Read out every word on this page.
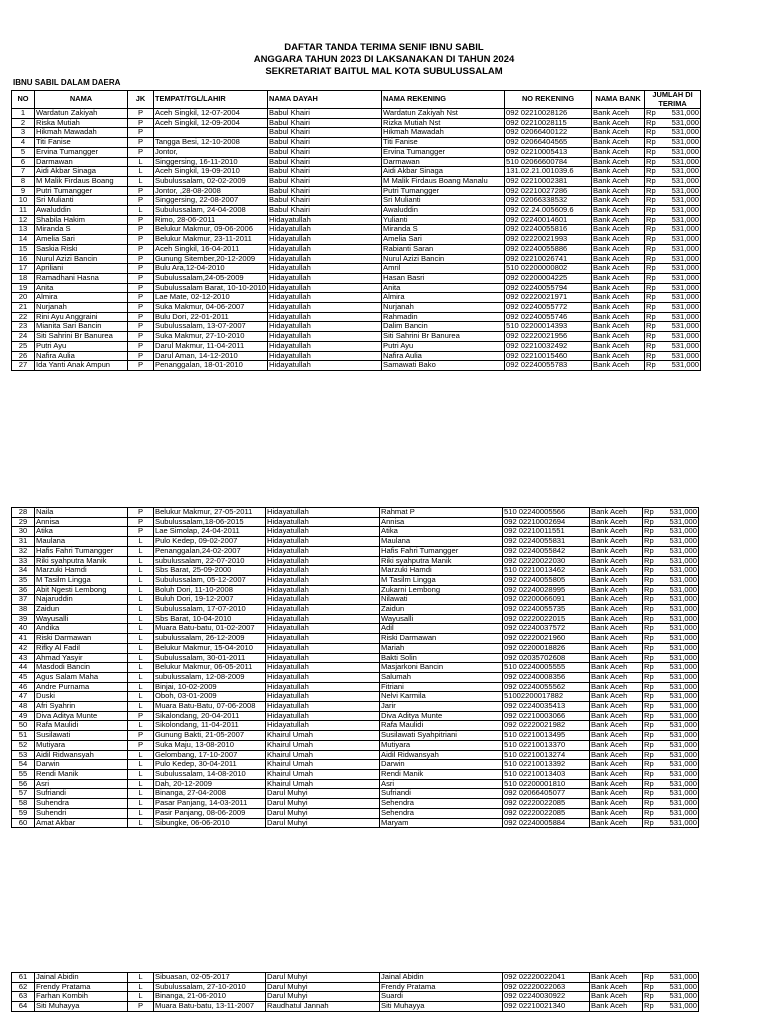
DAFTAR TANDA TERIMA SENIF IBNU SABIL
ANGGARA TAHUN 2023 DI LAKSANAKAN DI TAHUN 2024
SEKRETARIAT BAITUL MAL KOTA SUBULUSSALAM
IBNU SABIL DALAM DAERA
NO	NAMA	JK	TEMPAT/TGL/LAHIR	NAMA DAYAH	NAMA REKENING	NO REKENING	NAMA BANK	JUMLAH DI TERIMA	
1	Wardatun Zakiyah	P	Aceh Singkil, 12-07-2004	Babul Khairi	Wardatun Zakiyah Nst	092 02210028126	Bank Aceh	Rp	531,000
2	Riska Mutiah	P	Aceh Singkil, 12-09-2004	Babul Khairi	Rizka Mutiah Nst	092 02210028115	Bank Aceh	Rp	531,000
3	Hikmah Mawadah	P		Babul Khairi	Hikmah Mawadah	092 02066400122	Bank Aceh	Rp	531,000
4	Titi Fanise	P	Tangga Besi, 12-10-2008	Babul Khairi	Titi Fanise	092 02066404565	Bank Aceh	Rp	531,000
5	Ervina Tumangger	P	Jontor,	Babul Khairi	Ervina Tumangger	092 02210005413	Bank Aceh	Rp	531,000
6	Darmawan	L	Singgersing, 16-11-2010	Babul Khairi	Darmawan	510 02066600784	Bank Aceh	Rp	531,000
7	Aidi Akbar Sinaga	L	Aceh Singkil, 19-09-2010	Babul Khairi	Aidi Akbar Sinaga	131.02.21.001039.6	Bank Aceh	Rp	531,000
8	M Malik Firdaus Boang	L	Subulussalam, 02-02-2009	Babul Khairi	M Malik Firdaus Boang Manalu	092 02210002381	Bank Aceh	Rp	531,000
9	Putri Tumangger	P	Jontor, ,28-08-2008	Babul Khairi	Putri Tumangger	092 02210027286	Bank Aceh	Rp	531,000
10	Sri Mulianti	P	Singgersing, 22-08-2007	Babul Khairi	Sri Mulianti	092 02066338532	Bank Aceh	Rp	531,000
11	Awaluddin	L	Subulussalam, 24-04-2008	Babul Khairi	Awaluddin	092 02.24.005609.6	Bank Aceh	Rp	531,000
12	Shabila Hakim	P	Rimo, 28-06-2011	Hidayatullah	Yulianti	092 02240014601	Bank Aceh	Rp	531,000
13	Miranda S	P	Belukur Makmur, 09-06-2006	Hidayatullah	Miranda S	092 02240055816	Bank Aceh	Rp	531,000
14	Amelia Sari	P	Belukur Makmur, 23-11-2011	Hidayatullah	Amelia Sari	092 02220021993	Bank Aceh	Rp	531,000
15	Saskia Riski	P	Aceh Singkil, 16-04-2011	Hidayatullah	Rabianti Saran	092 02240055886	Bank Aceh	Rp	531,000
16	Nurul Azizi Bancin	P	Gunung Sitember,20-12-2009	Hidayatullah	Nurul Azizi Bancin	092 02210026741	Bank Aceh	Rp	531,000
17	Apriliani	P	Bulu Ara,12-04-2010	Hidayatullah	Amril	510 02200000802	Bank Aceh	Rp	531,000
18	Ramadhani Hasna	P	Subulussalam,24-05-2009	Hidayatullah	Hasan Basri	092 02200004225	Bank Aceh	Rp	531,000
19	Anita	P	Subulussalam Barat, 10-10-2010	Hidayatullah	Anita	092 02240055794	Bank Aceh	Rp	531,000
20	Almira	P	Lae Mate, 02-12-2010	Hidayatullah	Almira	092 02220021971	Bank Aceh	Rp	531,000
21	Nurjanah	P	Suka Makmur, 04-06-2007	Hidayatullah	Nurjanah	092 02240055772	Bank Aceh	Rp	531,000
22	Rini Ayu Anggraini	P	Bulu Dori, 22-01-2011	Hidayatullah	Rahmadin	092 02240055746	Bank Aceh	Rp	531,000
23	Mianita Sari Bancin	P	Subulussalam, 13-07-2007	Hidayatullah	Dalim Bancin	510 02200014393	Bank Aceh	Rp	531,000
24	Siti Sahrini Br Banurea	P	Suka Makmur, 27-10-2010	Hidayatullah	Siti Sahrini Br Banurea	092 02220021956	Bank Aceh	Rp	531,000
25	Putri Ayu	P	Darul Makmur, 11-04-2011	Hidayatullah	Putri Ayu	092 02210032492	Bank Aceh	Rp	531,000
26	Nafira Aulia	P	Darul Aman, 14-12-2010	Hidayatullah	Nafira Aulia	092 02210015460	Bank Aceh	Rp	531,000
27	Ida Yanti Anak Ampun	P	Penanggalan, 18-01-2010	Hidayatullah	Samawati Bako	092 02240055783	Bank Aceh	Rp	531,000
28	Naila	P	Belukur Makmur, 27-05-2011	Hidayatullah	Rahmat P	510 02240005566	Bank Aceh	Rp	531,000
29	Annisa	P	Subulussalam,18-06-2015	Hidayatullah	Annisa	092 02210002694	Bank Aceh	Rp	531,000
30	Atika	P	Lae Simolap, 24-04-2011	Hidayatullah	Atika	092 02210011551	Bank Aceh	Rp	531,000
31	Maulana	L	Pulo Kedep, 09-02-2007	Hidayatullah	Maulana	092 02240055831	Bank Aceh	Rp	531,000
32	Hafis Fahri Tumangger	L	Penanggalan,24-02-2007	Hidayatullah	Hafis Fahri Tumangger	092 02240055842	Bank Aceh	Rp	531,000
33	Riki syahputra Manik	L	subulussalam, 22-07-2010	Hidayatullah	Riki syahputra Manik	092 02220022030	Bank Aceh	Rp	531,000
34	Marzuki Hamdi	L	Sbs Barat, 25-09-2000	Hidayatullah	Marzuki Hamdi	510 02210013462	Bank Aceh	Rp	531,000
35	M Tasilm Lingga	L	Subulussalam, 05-12-2007	Hidayatullah	M Tasilm Lingga	092 02240055805	Bank Aceh	Rp	531,000
36	Abit Ngesti Lembong	L	Boluh Dori, 11-10-2008	Hidayatullah	Zukarni Lembong	092 02240028995	Bank Aceh	Rp	531,000
37	Najaruddin	L	Buluh Dori, 19-12-2007	Hidayatullah	Nilawati	092 02200066091	Bank Aceh	Rp	531,000
38	Zaidun	L	Subulussalam, 17-07-2010	Hidayatullah	Zaidun	092 02240055735	Bank Aceh	Rp	531,000
39	Wayusalli	L	Sbs Barat, 10-04-2010	Hidayatullah	Wayusalli	092 02220022015	Bank Aceh	Rp	531,000
40	Andika	L	Muara Batu-batu, 01-02-2007	Hidayatullah	Adil	092 02240037572	Bank Aceh	Rp	531,000
41	Riski Darmawan	L	subulussalam, 26-12-2009	Hidayatullah	Riski Darmawan	092 02220021960	Bank Aceh	Rp	531,000
42	Rifky Al Fadil	L	Belukur Makmur, 15-04-2010	Hidayatullah	Mariah	092 02200018826	Bank Aceh	Rp	531,000
43	Ahmad Yasyir	L	Subulussalam, 30-01-2011	Hidayatullah	Bakti Solin	092 02035702608	Bank Aceh	Rp	531,000
44	Masdodi Bancin	L	Belukur Makmur, 06-05-2011	Hidayatullah	Masjarkoni Bancin	510 02240005555	Bank Aceh	Rp	531,000
45	Agus Salam Maha	L	subulussalam, 12-08-2009	Hidayatullah	Salumah	092 02240008356	Bank Aceh	Rp	531,000
46	Andre Purnama	L	Binjai, 10-02-2009	Hidayatullah	Fitriani	092 02240055562	Bank Aceh	Rp	531,000
47	Duski	L	Oboh, 03-01-2009	Hidayatullah	Nelvi Karmila	51002200017882	Bank Aceh	Rp	531,000
48	Afri Syahrin	L	Muara Batu-Batu, 07-06-2008	Hidayatullah	Jarir	092 02240035413	Bank Aceh	Rp	531,000
49	Diva Aditya Munte	P	Sikalondang, 20-04-2011	Hidayatullah	Diva Aditya Munte	092 02210003066	Bank Aceh	Rp	531,000
50	Rafa Maulidi	L	Sikolondang, 11-04-2011	Hidayatullah	Rafa Maulidi	092 02220021982	Bank Aceh	Rp	531,000
51	Susilawati	P	Gunung Bakti, 21-05-2007	Khairul Umah	Susilawati Syahpitriani	510 02210013495	Bank Aceh	Rp	531,000
52	Mutiyara	P	Suka Maju, 13-08-2010	Khairul Umah	Mutiyara	510 02210013370	Bank Aceh	Rp	531,000
53	Aidil Ridwansyah	L	Gelombang, 17-10-2007	Khairul Umah	Aidil Ridwansyah	510 02210013274	Bank Aceh	Rp	531,000
54	Darwin	L	Pulo Kedep, 30-04-2011	Khairul Umah	Darwin	510 02210013392	Bank Aceh	Rp	531,000
55	Rendi Manik	L	Subulussalam, 14-08-2010	Khairul Umah	Rendi Manik	510 02210013403	Bank Aceh	Rp	531,000
56	Asri	L	Dah, 20-12-2009	Khairul Umah	Asri	510 02200001810	Bank Aceh	Rp	531,000
57	Sufriandi	L	Binanga, 27-04-2008	Darul Muhyi	Sufriandi	092 02066405077	Bank Aceh	Rp	531,000
58	Suhendra	L	Pasar Panjang, 14-03-2011	Darul Muhyi	Sehendra	092 02220022085	Bank Aceh	Rp	531,000
59	Suhendri	L	Pasir Panjang, 08-06-2009	Darul Muhyi	Sehendra	092 02220022085	Bank Aceh	Rp	531,000
60	Amat Akbar	L	Sibungke, 06-06-2010	Darul Muhyi	Maryam	092 02240005884	Bank Aceh	Rp	531,000
61	Jainal Abidin	L	Sibuasan, 02-05-2017	Darul Muhyi	Jainal Abidin	092 02220022041	Bank Aceh	Rp	531,000
62	Frendy Pratama	L	Subulussalam, 27-10-2010	Darul Muhyi	Frendy Pratama	092 02220022063	Bank Aceh	Rp	531,000
63	Farhan Kombih	L	Binanga, 21-06-2010	Darul Muhyi	Suardi	092 02240030922	Bank Aceh	Rp	531,000
64	Siti Muhayya	P	Muara Batu-batu, 13-11-2007	Raudhatul Jannah	Siti Muhayya	092 02210021340	Bank Aceh	Rp	531,000
